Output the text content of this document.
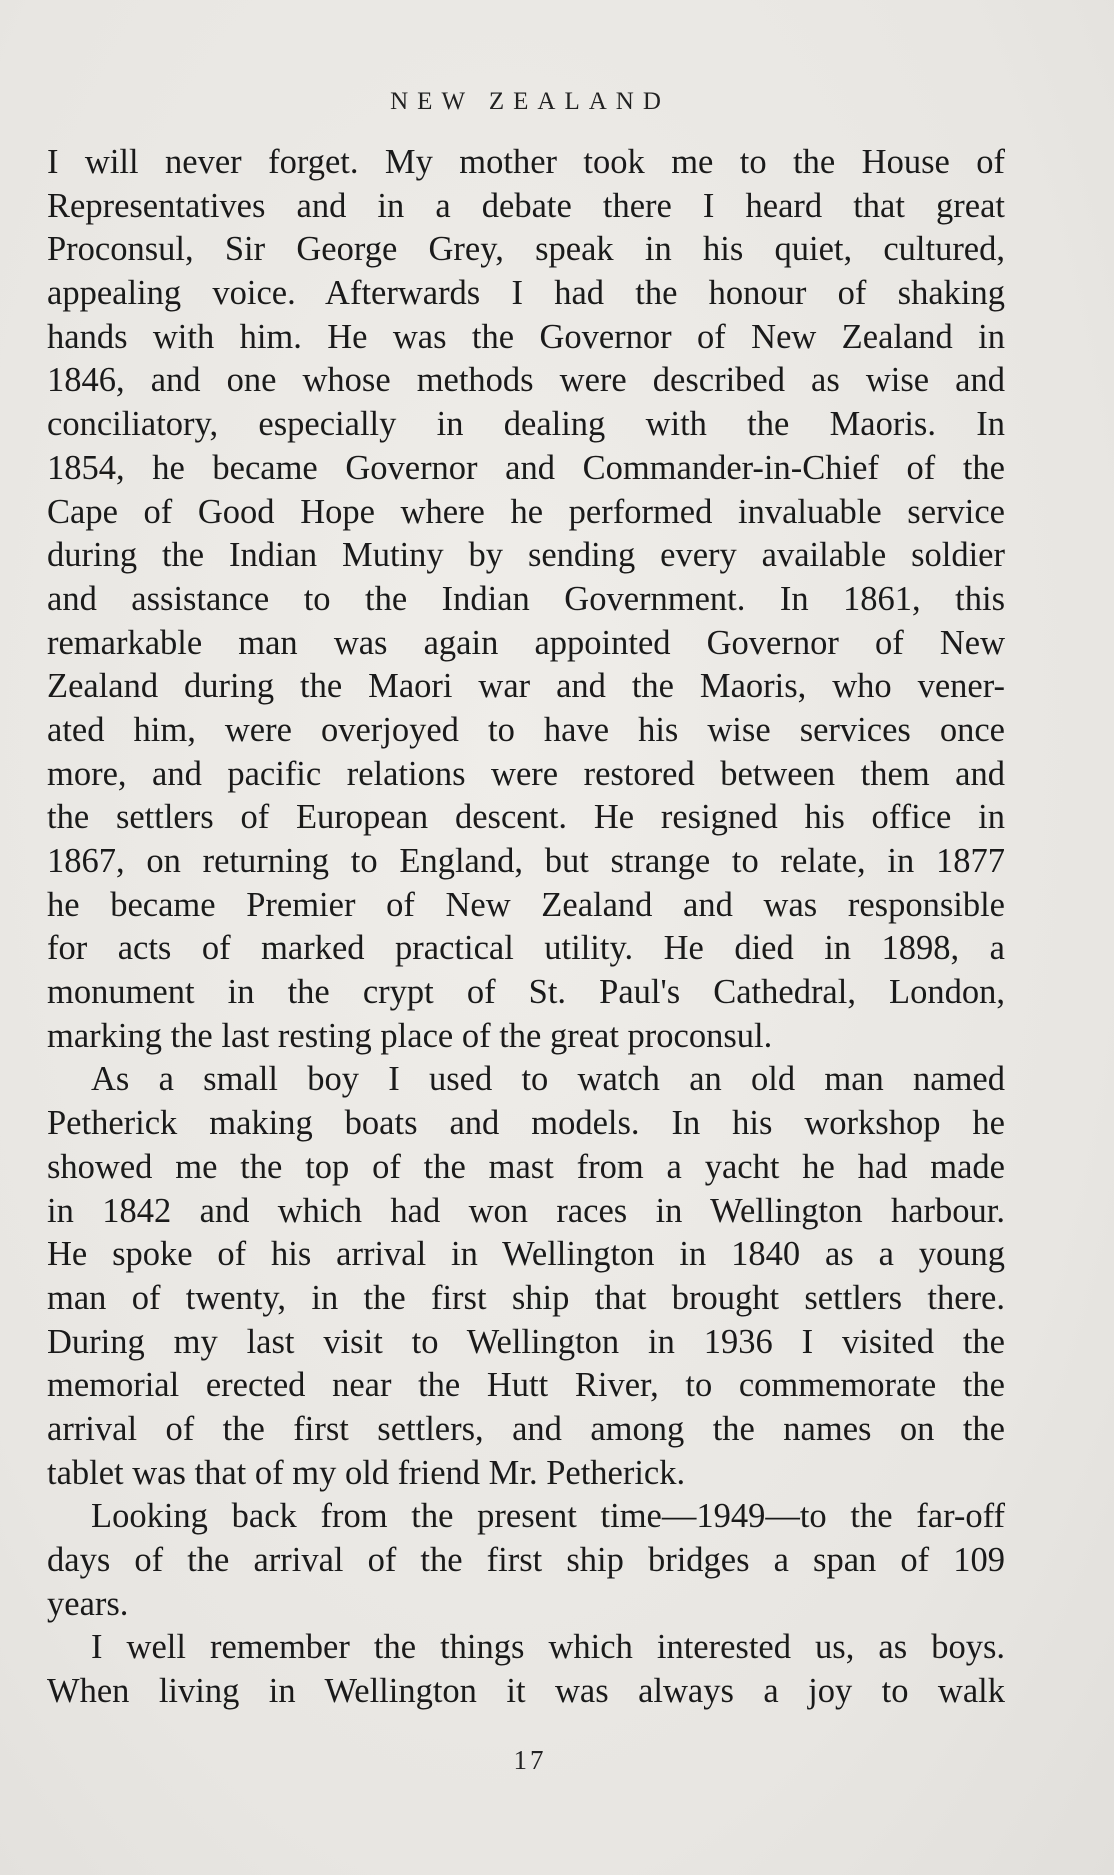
NEW ZEALAND
I will never forget. My mother took me to the House of
Representatives and in a debate there I heard that great
Proconsul, Sir George Grey, speak in his quiet, cultured,
appealing voice. Afterwards I had the honour of shaking
hands with him. He was the Governor of New Zealand in
1846, and one whose methods were described as wise and
conciliatory, especially in dealing with the Maoris. In
1854, he became Governor and Commander-in-Chief of the
Cape of Good Hope where he performed invaluable service
during the Indian Mutiny by sending every available soldier
and assistance to the Indian Government. In 1861, this
remarkable man was again appointed Governor of New
Zealand during the Maori war and the Maoris, who vener-
ated him, were overjoyed to have his wise services once
more, and pacific relations were restored between them and
the settlers of European descent. He resigned his office in
1867, on returning to England, but strange to relate, in 1877
he became Premier of New Zealand and was responsible
for acts of marked practical utility. He died in 1898, a
monument in the crypt of St. Paul's Cathedral, London,
marking the last resting place of the great proconsul.
As a small boy I used to watch an old man named
Petherick making boats and models. In his workshop he
showed me the top of the mast from a yacht he had made
in 1842 and which had won races in Wellington harbour.
He spoke of his arrival in Wellington in 1840 as a young
man of twenty, in the first ship that brought settlers there.
During my last visit to Wellington in 1936 I visited the
memorial erected near the Hutt River, to commemorate the
arrival of the first settlers, and among the names on the
tablet was that of my old friend Mr. Petherick.
Looking back from the present time—1949—to the far-off
days of the arrival of the first ship bridges a span of 109
years.
I well remember the things which interested us, as boys.
When living in Wellington it was always a joy to walk
17
